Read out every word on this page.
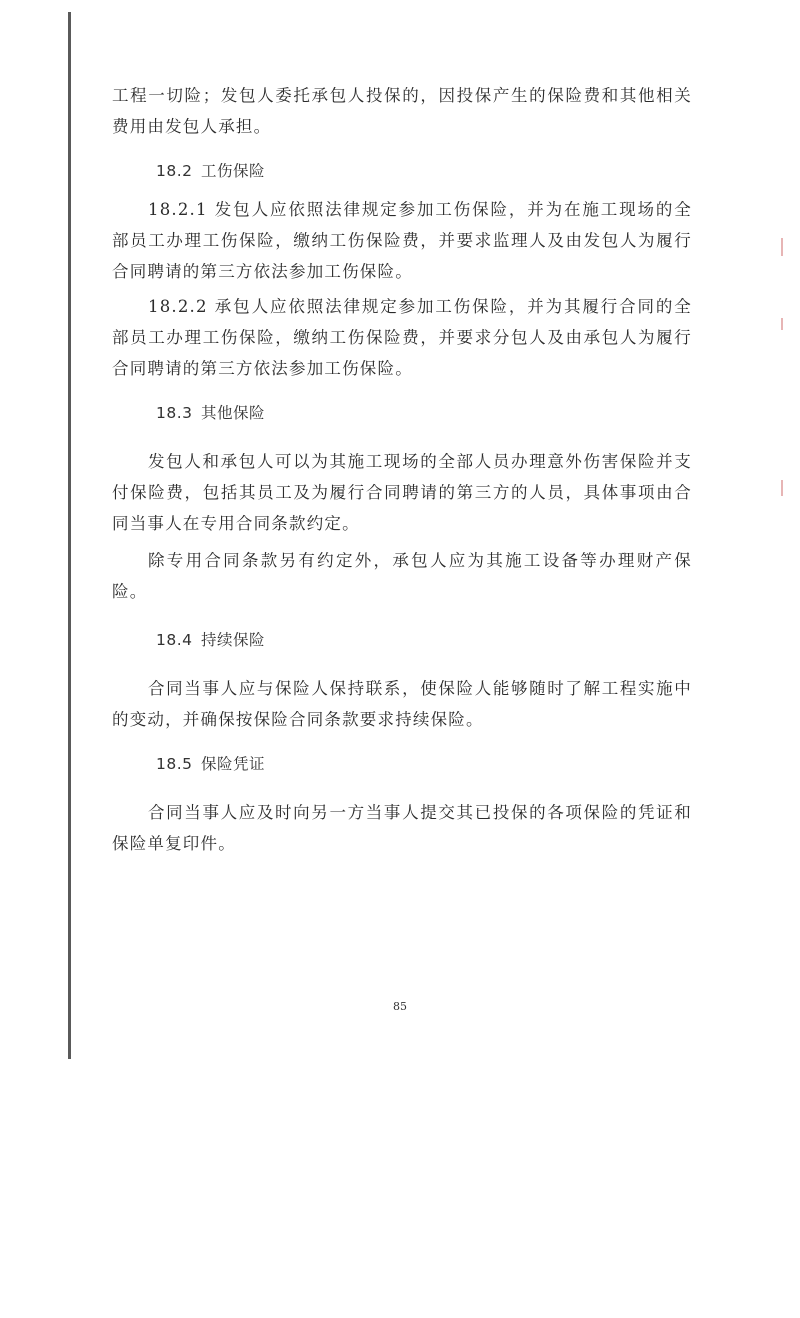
工程一切险；发包人委托承包人投保的，因投保产生的保险费和其他相关费用由发包人承担。

18.2 工伤保险

18.2.1 发包人应依照法律规定参加工伤保险，并为在施工现场的全部员工办理工伤保险，缴纳工伤保险费，并要求监理人及由发包人为履行合同聘请的第三方依法参加工伤保险。

18.2.2 承包人应依照法律规定参加工伤保险，并为其履行合同的全部员工办理工伤保险，缴纳工伤保险费，并要求分包人及由承包人为履行合同聘请的第三方依法参加工伤保险。

18.3 其他保险

发包人和承包人可以为其施工现场的全部人员办理意外伤害保险并支付保险费，包括其员工及为履行合同聘请的第三方的人员，具体事项由合同当事人在专用合同条款约定。

除专用合同条款另有约定外，承包人应为其施工设备等办理财产保险。

18.4 持续保险

合同当事人应与保险人保持联系，使保险人能够随时了解工程实施中的变动，并确保按保险合同条款要求持续保险。

18.5 保险凭证

合同当事人应及时向另一方当事人提交其已投保的各项保险的凭证和保险单复印件。

85
